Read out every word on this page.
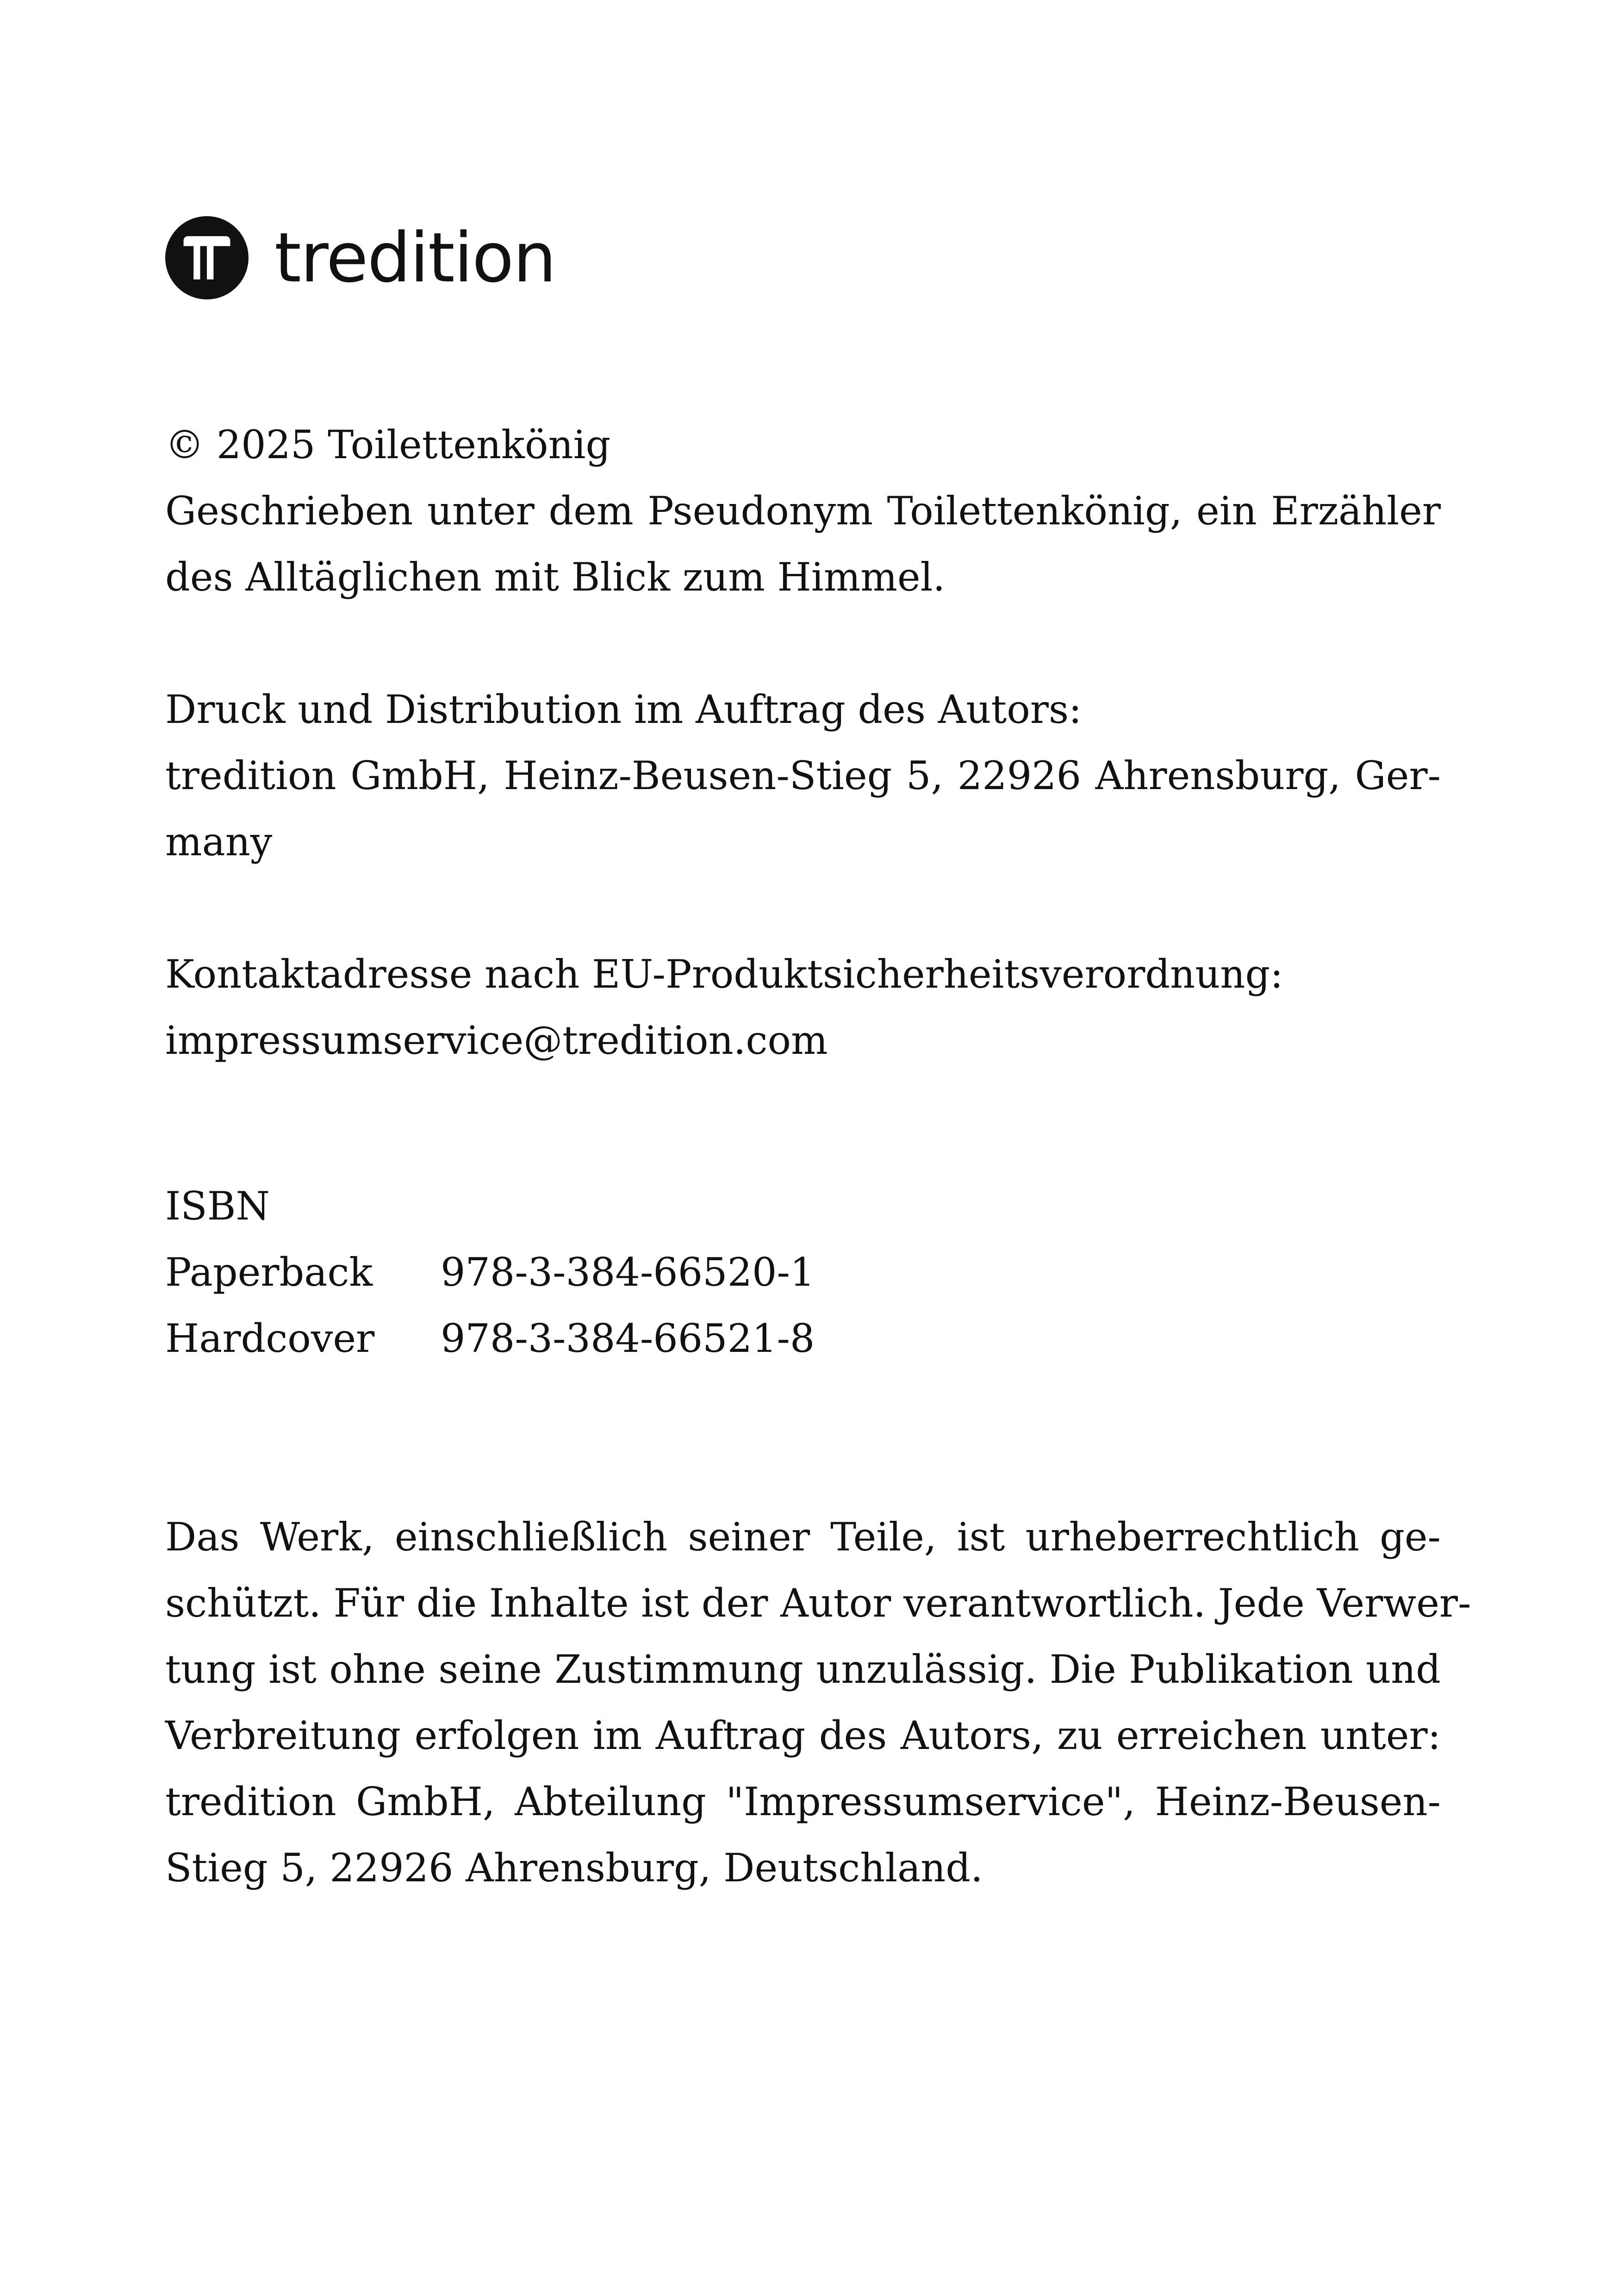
tredition
© 2025 Toilettenkönig
Geschrieben unter dem Pseudonym Toilettenkönig, ein Erzähler
des Alltäglichen mit Blick zum Himmel.
Druck und Distribution im Auftrag des Autors:
tredition GmbH, Heinz-Beusen-Stieg 5, 22926 Ahrensburg, Ger-
many
Kontaktadresse nach EU-Produktsicherheitsverordnung:
impressumservice@tredition.com
ISBN
Paperback	978-3-384-66520-1
Hardcover	978-3-384-66521-8
Das Werk, einschließlich seiner Teile, ist urheberrechtlich ge-
schützt. Für die Inhalte ist der Autor verantwortlich. Jede Verwer-
tung ist ohne seine Zustimmung unzulässig. Die Publikation und
Verbreitung erfolgen im Auftrag des Autors, zu erreichen unter:
tredition GmbH, Abteilung "Impressumservice", Heinz-Beusen-
Stieg 5, 22926 Ahrensburg, Deutschland.
